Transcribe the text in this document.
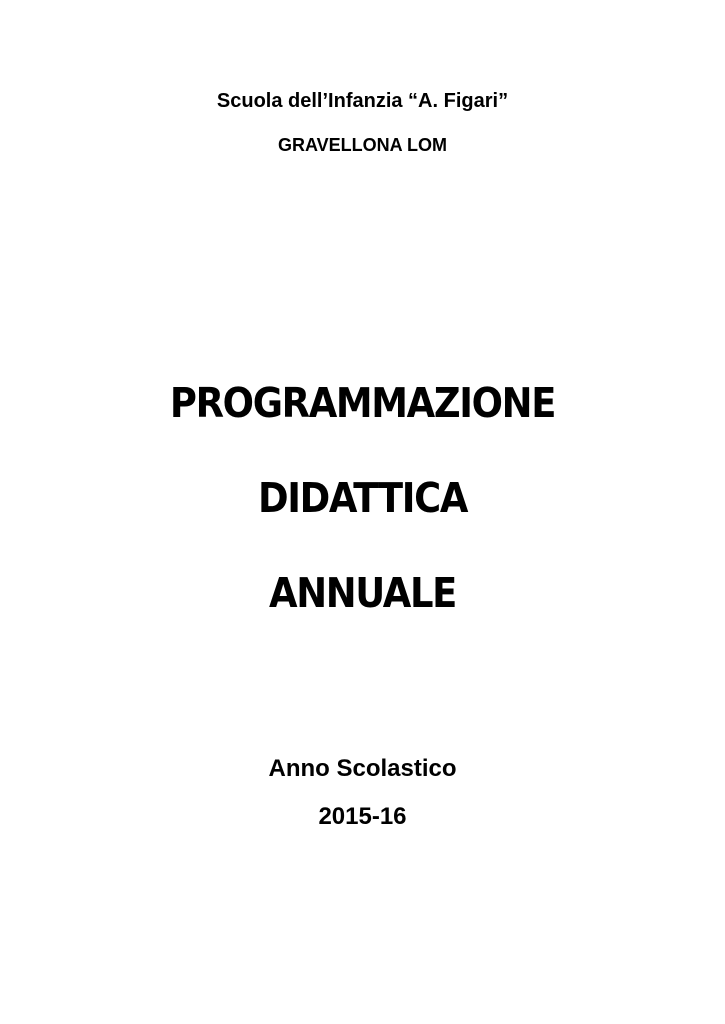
Scuola dell’Infanzia “A. Figari”
GRAVELLONA LOM
PROGRAMMAZIONE
DIDATTICA
ANNUALE
Anno Scolastico
2015-16
